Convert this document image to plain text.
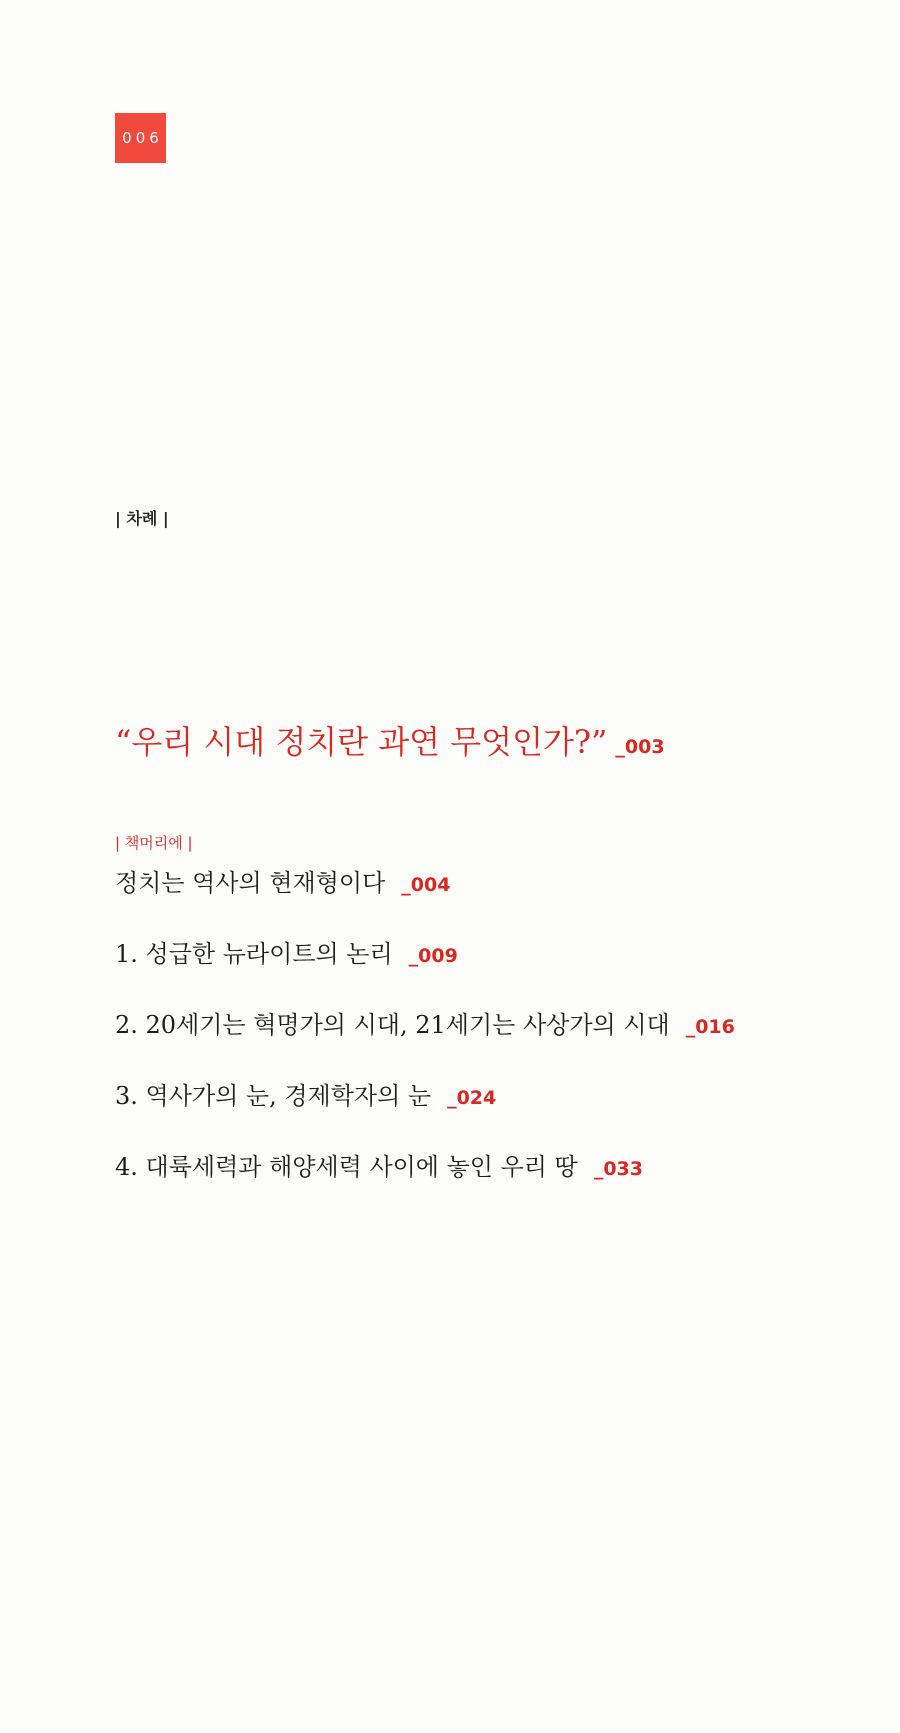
006
| 차례 |
“우리 시대 정치란 과연 무엇인가?” _003
| 책머리에 |
정치는 역사의 현재형이다 _004
1. 성급한 뉴라이트의 논리 _009
2. 20세기는 혁명가의 시대, 21세기는 사상가의 시대 _016
3. 역사가의 눈, 경제학자의 눈 _024
4. 대륙세력과 해양세력 사이에 놓인 우리 땅 _033
